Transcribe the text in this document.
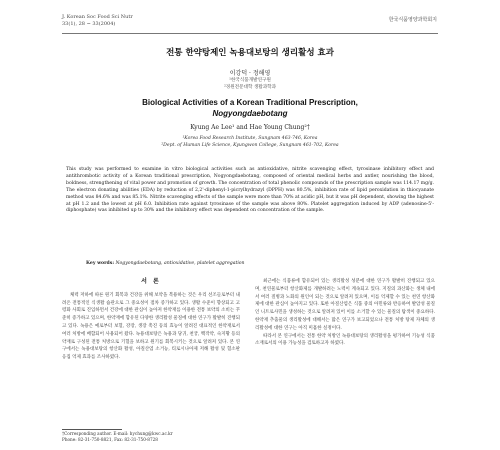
J. Korean Soc Food Sci Nutr
33(1), 28 ~ 33(2004)
한국식품영양과학회지
전통 한약탕제인 녹용대보탕의 생리활성 효과
이강덕 · 정해영
¹한국식품개발연구원
²경원전문대학 생활과학과
Biological Activities of a Korean Traditional Prescription,
Nogyongdaebotang
Kyung Ae Lee¹ and Hae Young Chung²†
¹Korea Food Research Institute, Sungnam 463-746, Korea
²Dept. of Human Life Science, Kyungwon College, Sungnam 461-702, Korea
This study was performed to examine in vitro biological activities such as antioxidative, nitrite scavenging effect, tyrosinase inhibitory effect and antithrombotic activity of a Korean traditional prescription, Nogyongdaebotang, composed of oriental medical herbs and antler, nourishing the blood, boldness, strengthening of vital power and promotion of growth. The concentration of total phenolic compounds of the prescription sample was 114.17 mg/g. The electron donating abilities (EDA) by reduction of 2,2'-diphenyl-1-picrylhydrazyl (DPPH) was 80.5%, inhibition rate of lipid peroxidation in thiocyanate method was 84.6% and was 85.1%. Nitrite scavenging effects of the sample were more than 70% at acidic pH, but it was pH dependent, showing the highest at pH 1.2 and the lowest at pH 6.0. Inhibition rate against tyrosinase of the sample was above 80%. Platelet aggregation induced by ADP (adenosine-5'-diphosphate) was inhibited up to 30% and the inhibitory effect was dependent on concentration of the sample.
Key words: Nogyongdaebotang, antioxidative, platelet aggregation
서 론

체력 저하에 따른 원기 회복과 건강을 위해 보약을 복용하는 것은 우리 선조들로부터 내려온 전통적인 식생활 습관으로 그 중요성이 점차 증가하고 있다. 생활 수준이 향상되고 고령화 사회로 진입하면서 건강에 대한 관심이 높아져 한약재를 이용한 전통 보약의 소비는 꾸준히 증가하고 있으며, 한약재에 함유된 다양한 생리활성 물질에 대한 연구가 활발히 진행되고 있다. 녹용은 예로부터 보혈, 강장, 생장 촉진 등의 효능이 알려진 대표적인 한약재로서 여러 처방에 배합되어 사용되어 왔다. 녹용대보탕은 녹용과 당귀, 천궁, 백작약, 숙지황 등의 약재로 구성된 전통 처방으로 기혈을 보하고 원기를 회복시키는 것으로 알려져 있다. 본 연구에서는 녹용대보탕의 항산화 활성, 아질산염 소거능, 티로시나아제 저해 활성 및 혈소판 응집 억제 효과를 조사하였다.

최근에는 식품류에 함유되어 있는 생리활성 성분에 대한 연구가 활발히 진행되고 있으며, 천연물로부터 항산화제를 개발하려는 노력이 계속되고 있다. 지질의 과산화는 생체 내에서 여러 질병과 노화의 원인이 되는 것으로 알려져 있으며, 이를 억제할 수 있는 천연 항산화제에 대한 관심이 높아지고 있다. 또한 아질산염은 식품 중의 아민류와 반응하여 발암성 물질인 니트로사민을 생성하는 것으로 알려져 있어 이를 소거할 수 있는 물질의 탐색이 중요하다. 한약재 추출물의 생리활성에 대해서는 많은 연구가 보고되었으나 전통 처방 탕제 자체의 생리활성에 대한 연구는 아직 미흡한 실정이다.

따라서 본 연구에서는 전통 한약 처방인 녹용대보탕의 생리활성을 평가하여 기능성 식품 소재로서의 이용 가능성을 검토하고자 하였다.

†Corresponding author. E-mail: hychung@kwc.ac.kr
Phone: 82-31-750-8821, Fax: 82-31-750-8728
